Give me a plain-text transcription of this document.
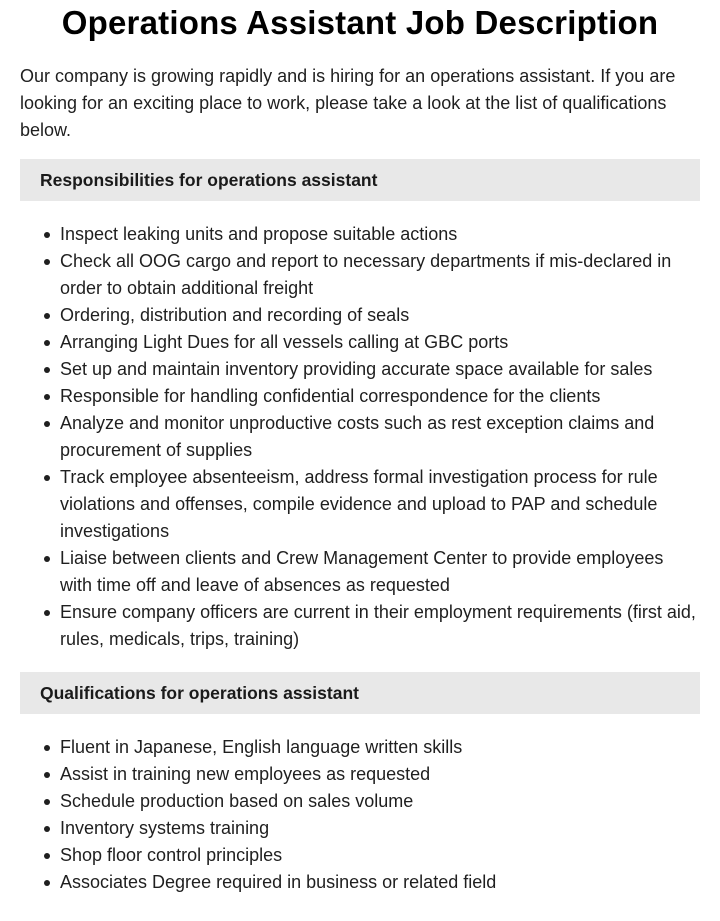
Operations Assistant Job Description

Our company is growing rapidly and is hiring for an operations assistant. If you are looking for an exciting place to work, please take a look at the list of qualifications below.

Responsibilities for operations assistant
Inspect leaking units and propose suitable actions
Check all OOG cargo and report to necessary departments if mis-declared in order to obtain additional freight
Ordering, distribution and recording of seals
Arranging Light Dues for all vessels calling at GBC ports
Set up and maintain inventory providing accurate space available for sales
Responsible for handling confidential correspondence for the clients
Analyze and monitor unproductive costs such as rest exception claims and procurement of supplies
Track employee absenteeism, address formal investigation process for rule violations and offenses, compile evidence and upload to PAP and schedule investigations
Liaise between clients and Crew Management Center to provide employees with time off and leave of absences as requested
Ensure company officers are current in their employment requirements (first aid, rules, medicals, trips, training)
Qualifications for operations assistant
Fluent in Japanese, English language written skills
Assist in training new employees as requested
Schedule production based on sales volume
Inventory systems training
Shop floor control principles
Associates Degree required in business or related field
